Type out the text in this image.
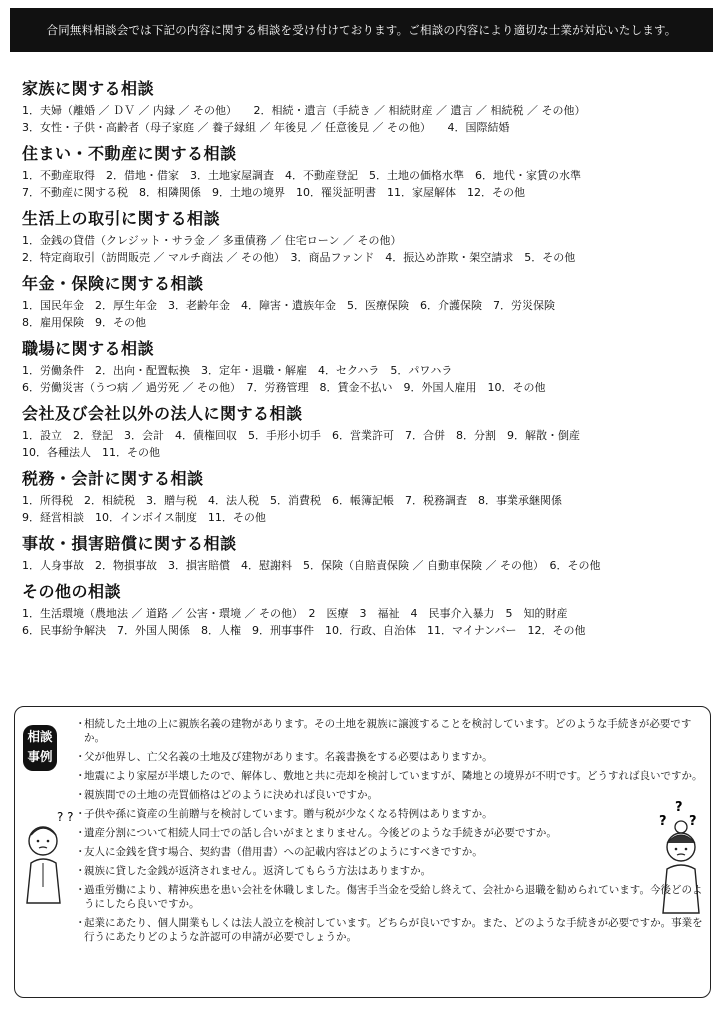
合同無料相談会では下記の内容に関する相談を受け付けております。ご相談の内容により適切な士業が対応いたします。
家族に関する相談
1．夫婦（離婚 ／ ＤＶ ／ 内縁 ／ その他）　　2．相続・遺言（手続き ／ 相続財産 ／ 遺言 ／ 相続税 ／ その他）
3．女性・子供・高齢者（母子家庭 ／ 養子縁組 ／ 年後見 ／ 任意後見 ／ その他）　　4．国際結婚
住まい・不動産に関する相談
1．不動産取得　2．借地・借家　3．土地家屋調査　4．不動産登記　5．土地の価格水準　6．地代・家賃の水準
7．不動産に関する税　8．相隣関係　9．土地の境界　10．罹災証明書　11．家屋解体　12．その他
生活上の取引に関する相談
1．金銭の貸借（クレジット・サラ金 ／ 多重債務 ／ 住宅ローン ／ その他）
2．特定商取引（訪問販売 ／ マルチ商法 ／ その他）　3．商品ファンド　4．振込め詐欺・架空請求　5．その他
年金・保険に関する相談
1．国民年金　2．厚生年金　3．老齢年金　4．障害・遺族年金　5．医療保険　6．介護保険　7．労災保険
8．雇用保険　9．その他
職場に関する相談
1．労働条件　2．出向・配置転換　3．定年・退職・解雇　4．セクハラ　5．パワハラ
6．労働災害（うつ病 ／ 過労死 ／ その他）　7．労務管理　8．賃金不払い　9．外国人雇用　10．その他
会社及び会社以外の法人に関する相談
1．設立　2．登記　3．会計　4．債権回収　5．手形小切手　6．営業許可　7．合併　8．分割　9．解散・倒産
10．各種法人　11．その他
税務・会計に関する相談
1．所得税　2．相続税　3．贈与税　4．法人税　5．消費税　6．帳簿記帳　7．税務調査　8．事業承継関係
9．経営相談　10．インボイス制度　11．その他
事故・損害賠償に関する相談
1．人身事故　2．物損事故　3．損害賠償　4．慰謝料　5．保険（自賠責保険 ／ 自動車保険 ／ その他）　6．その他
その他の相談
1．生活環境（農地法 ／ 道路 ／ 公害・環境 ／ その他）　2　医療　3　福祉　4　民事介入暴力　5　知的財産
6．民事紛争解決　7．外国人関係　8．人権　9．刑事事件　10．行政、自治体　11．マイナンバー　12．その他
相談
事例
? ?
?
? ?
・相続した土地の上に親族名義の建物があります。その土地を親族に譲渡することを検討しています。どのような手続きが必要ですか。
・父が他界し、亡父名義の土地及び建物があります。名義書換をする必要はありますか。
・地震により家屋が半壊したので、解体し、敷地と共に売却を検討していますが、隣地との境界が不明です。どうすれば良いですか。
・親族間での土地の売買価格はどのように決めれば良いですか。
・子供や孫に資産の生前贈与を検討しています。贈与税が少なくなる特例はありますか。
・遺産分割について相続人同士での話し合いがまとまりません。今後どのような手続きが必要ですか。
・友人に金銭を貸す場合、契約書（借用書）への記載内容はどのようにすべきですか。
・親族に貸した金銭が返済されません。返済してもらう方法はありますか。
・過重労働により、精神疾患を患い会社を休職しました。傷害手当金を受給し終えて、会社から退職を勧められています。今後どのようにしたら良いですか。
・起業にあたり、個人開業もしくは法人設立を検討しています。どちらが良いですか。また、どのような手続きが必要ですか。事業を行うにあたりどのような許認可の申請が必要でしょうか。
